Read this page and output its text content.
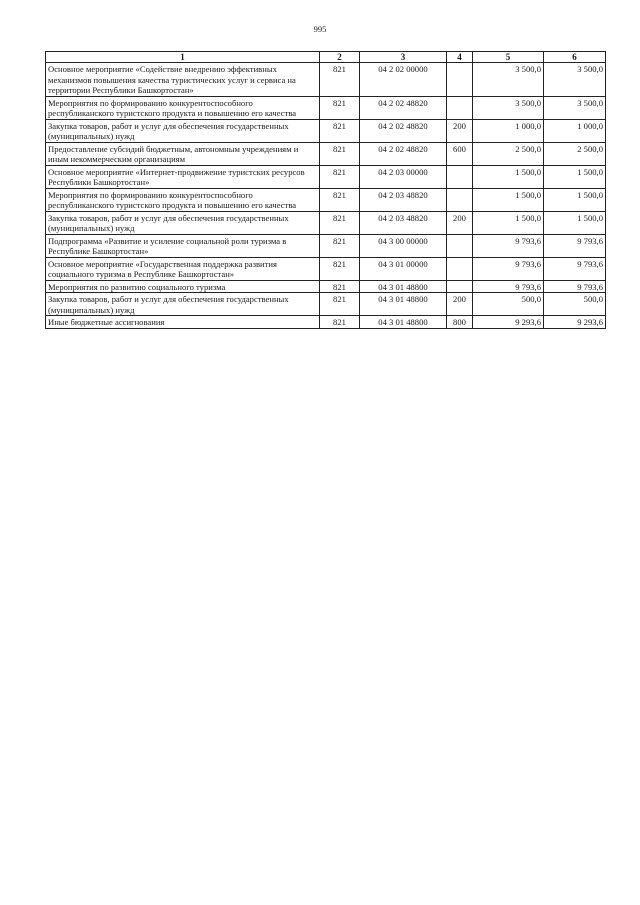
995
1	2	3	4	5	6
Основное мероприятие «Содействие внедрению эффективных механизмов повышения качества туристических услуг и сервиса на территории Республики Башкортостан»	821	04 2 02 00000		3 500,0	3 500,0
Мероприятия по формированию конкурентоспособного республиканского туристского продукта и повышению его качества	821	04 2 02 48820		3 500,0	3 500,0
Закупка товаров, работ и услуг для обеспечения государственных (муниципальных) нужд	821	04 2 02 48820	200	1 000,0	1 000,0
Предоставление субсидий бюджетным, автономным учреждениям и иным некоммерческим организациям	821	04 2 02 48820	600	2 500,0	2 500,0
Основное мероприятие «Интернет-продвижение туристских ресурсов Республики Башкортостан»	821	04 2 03 00000		1 500,0	1 500,0
Мероприятия по формированию конкурентоспособного республиканского туристского продукта и повышению его качества	821	04 2 03 48820		1 500,0	1 500,0
Закупка товаров, работ и услуг для обеспечения государственных (муниципальных) нужд	821	04 2 03 48820	200	1 500,0	1 500,0
Подпрограмма «Развитие и усиление социальной роли туризма в Республике Башкортостан»	821	04 3 00 00000		9 793,6	9 793,6
Основное мероприятие «Государственная поддержка развития социального туризма в Республике Башкортостан»	821	04 3 01 00000		9 793,6	9 793,6
Мероприятия по развитию социального туризма	821	04 3 01 48800		9 793,6	9 793,6
Закупка товаров, работ и услуг для обеспечения государственных (муниципальных) нужд	821	04 3 01 48800	200	500,0	500,0
Иные бюджетные ассигнования	821	04 3 01 48800	800	9 293,6	9 293,6
